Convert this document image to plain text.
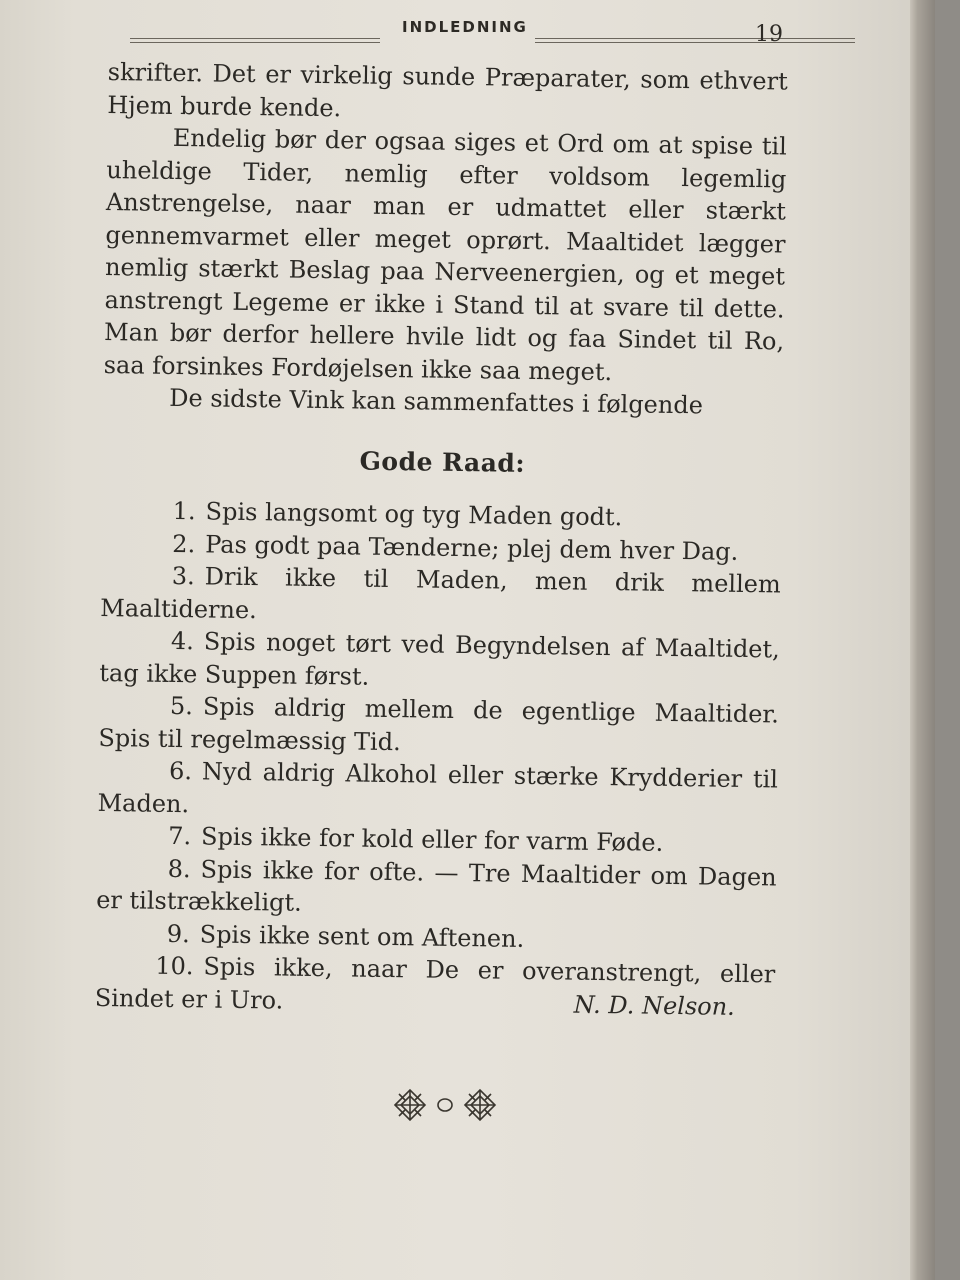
INDLEDNING	19

skrifter. Det er virkelig sunde Præparater, som ethvert Hjem burde kende.

Endelig bør der ogsaa siges et Ord om at spise til uheldige Tider, nemlig efter voldsom legemlig Anstrengelse, naar man er udmattet eller stærkt gennemvarmet eller meget oprørt. Maaltidet lægger nemlig stærkt Beslag paa Nerveenergien, og et meget anstrengt Legeme er ikke i Stand til at svare til dette. Man bør derfor hellere hvile lidt og faa Sindet til Ro, saa forsinkes Fordøjelsen ikke saa meget.

De sidste Vink kan sammenfattes i følgende

Gode Raad:

1. Spis langsomt og tyg Maden godt.

2. Pas godt paa Tænderne; plej dem hver Dag.

3. Drik ikke til Maden, men drik mellem Maaltiderne.

4. Spis noget tørt ved Begyndelsen af Maaltidet, tag ikke Suppen først.

5. Spis aldrig mellem de egentlige Maaltider. Spis til regelmæssig Tid.

6. Nyd aldrig Alkohol eller stærke Krydderier til Maden.

7. Spis ikke for kold eller for varm Føde.

8. Spis ikke for ofte. — Tre Maaltider om Dagen er tilstrækkeligt.

9. Spis ikke sent om Aftenen.

10. Spis ikke, naar De er overanstrengt, eller Sindet er i Uro.	N. D. Nelson.
